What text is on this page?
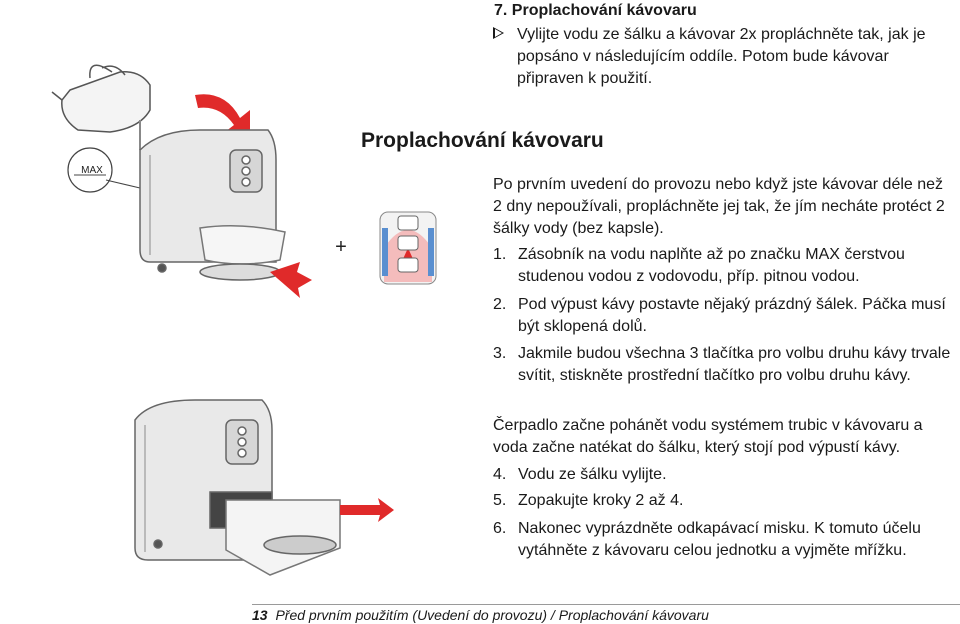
7. Proplachování kávovaru
Vylijte vodu ze šálku a kávovar 2x propláchněte tak, jak je popsáno v následujícím oddíle. Potom bude kávovar připraven k použití.
Proplachování kávovaru
MAX
+
Po prvním uvedení do provozu nebo když jste kávovar déle než 2 dny nepoužívali, propláchněte jej tak, že jím necháte protéct 2 šálky vody (bez kapsle).
1. Zásobník na vodu naplňte až po značku MAX čerstvou studenou vodou z vodovodu, příp. pitnou vodou.
2. Pod výpust kávy postavte nějaký prázdný šálek. Páčka musí být sklopená dolů.
3. Jakmile budou všechna 3 tlačítka pro volbu druhu kávy trvale svítit, stiskněte prostřední tlačítko pro volbu druhu kávy.
Čerpadlo začne pohánět vodu systémem trubic v kávovaru a voda začne natékat do šálku, který stojí pod výpustí kávy.
4. Vodu ze šálku vylijte.
5. Zopakujte kroky 2 až 4.
6. Nakonec vyprázdněte odkapávací misku. K tomuto účelu vytáhněte z kávovaru celou jednotku a vyjměte mřížku.
13 Před prvním použitím (Uvedení do provozu) / Proplachování kávovaru
